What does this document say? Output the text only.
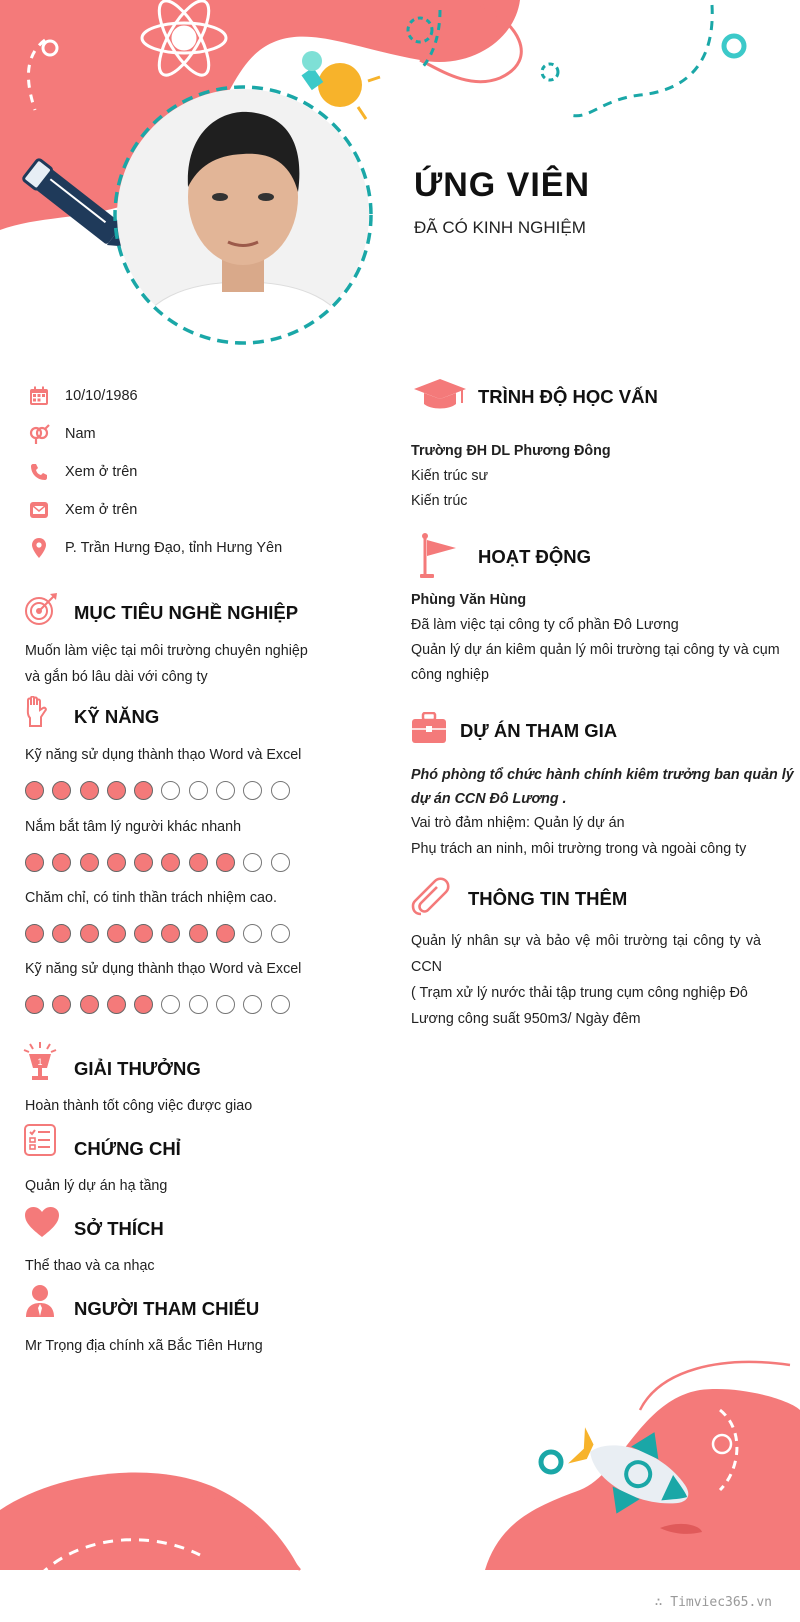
ỨNG VIÊN
ĐÃ CÓ KINH NGHIỆM
10/10/1986
Nam
Xem ở trên
Xem ở trên
P. Trần Hưng Đạo, tỉnh Hưng Yên
MỤC TIÊU NGHỀ NGHIỆP
Muốn làm việc tại môi trường chuyên nghiệp
và gắn bó lâu dài với công ty
KỸ NĂNG
Kỹ năng sử dụng thành thạo Word và Excel
Nắm bắt tâm lý người khác nhanh
Chăm chỉ, có tinh thần trách nhiệm cao.
Kỹ năng sử dụng thành thạo Word và Excel
1 GIẢI THƯỞNG
Hoàn thành tốt công việc được giao
CHỨNG CHỈ
Quản lý dự án hạ tầng
SỞ THÍCH
Thể thao và ca nhạc
NGƯỜI THAM CHIẾU
Mr Trọng địa chính xã Bắc Tiên Hưng
TRÌNH ĐỘ HỌC VẤN
Trường ĐH DL Phương Đông
Kiến trúc sư
Kiến trúc
HOẠT ĐỘNG
Phùng Văn Hùng
Đã làm việc tại công ty cổ phần Đô Lương
Quản lý dự án kiêm quản lý môi trường tại công ty và cụm
công nghiệp
DỰ ÁN THAM GIA
Phó phòng tổ chức hành chính kiêm trưởng ban quản lý
dự án CCN Đô Lương .
Vai trò đảm nhiệm: Quản lý dự án
Phụ trách an ninh, môi trường trong và ngoài công ty
THÔNG TIN THÊM
Quản lý nhân sự và bảo vệ môi trường tại công ty và CCN
( Trạm xử lý nước thải tập trung cụm công nghiệp Đô
Lương công suất 950m3/ Ngày đêm
∴ Timviec365.vn
